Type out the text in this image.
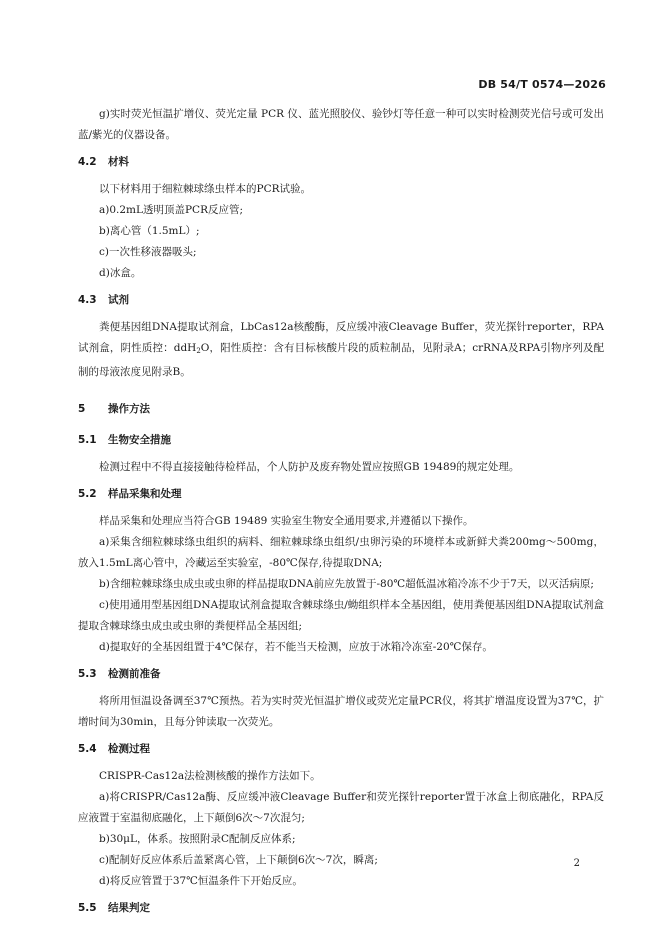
DB 54/T 0574—2026

g)实时荧光恒温扩增仪、荧光定量 PCR 仪、蓝光照胶仪、验钞灯等任意一种可以实时检测荧光信号或可发出蓝/紫光的仪器设备。

4.2 材料

以下材料用于细粒棘球绦虫样本的PCR试验。

a)0.2mL透明顶盖PCR反应管;

b)离心管（1.5mL）;

c)一次性移液器吸头;

d)冰盒。

4.3 试剂

粪便基因组DNA提取试剂盒，LbCas12a核酸酶，反应缓冲液Cleavage Buffer，荧光探针reporter，RPA试剂盒，阴性质控：ddH$_2$O，阳性质控：含有目标核酸片段的质粒制品，见附录A；crRNA及RPA引物序列及配制的母液浓度见附录B。

5 操作方法
5.1 生物安全措施

检测过程中不得直接接触待检样品，个人防护及废弃物处置应按照GB 19489的规定处理。

5.2 样品采集和处理

样品采集和处理应当符合GB 19489 实验室生物安全通用要求,并遵循以下操作。

a)采集含细粒棘球绦虫组织的病料、细粒棘球绦虫组织/虫卵污染的环境样本或新鲜犬粪200mg～500mg，放入1.5mL离心管中，冷藏运至实验室，-80℃保存,待提取DNA;

b)含细粒棘球绦虫成虫或虫卵的样品提取DNA前应先放置于-80℃超低温冰箱冷冻不少于7天，以灭活病原;

c)使用通用型基因组DNA提取试剂盒提取含棘球绦虫/蚴组织样本全基因组，使用粪便基因组DNA提取试剂盒提取含棘球绦虫成虫或虫卵的粪便样品全基因组;

d)提取好的全基因组置于4℃保存，若不能当天检测，应放于冰箱冷冻室-20℃保存。

5.3 检测前准备

将所用恒温设备调至37℃预热。若为实时荧光恒温扩增仪或荧光定量PCR仪，将其扩增温度设置为37℃，扩增时间为30min，且每分钟读取一次荧光。

5.4 检测过程

CRISPR-Cas12a法检测核酸的操作方法如下。

a)将CRISPR/Cas12a酶、反应缓冲液Cleavage Buffer和荧光探针reporter置于冰盒上彻底融化，RPA反应液置于室温彻底融化，上下颠倒6次～7次混匀;

b)30μL，体系。按照附录C配制反应体系;

c)配制好反应体系后盖紧离心管，上下颠倒6次～7次，瞬离;

d)将反应管置于37℃恒温条件下开始反应。

5.5 结果判定
2
